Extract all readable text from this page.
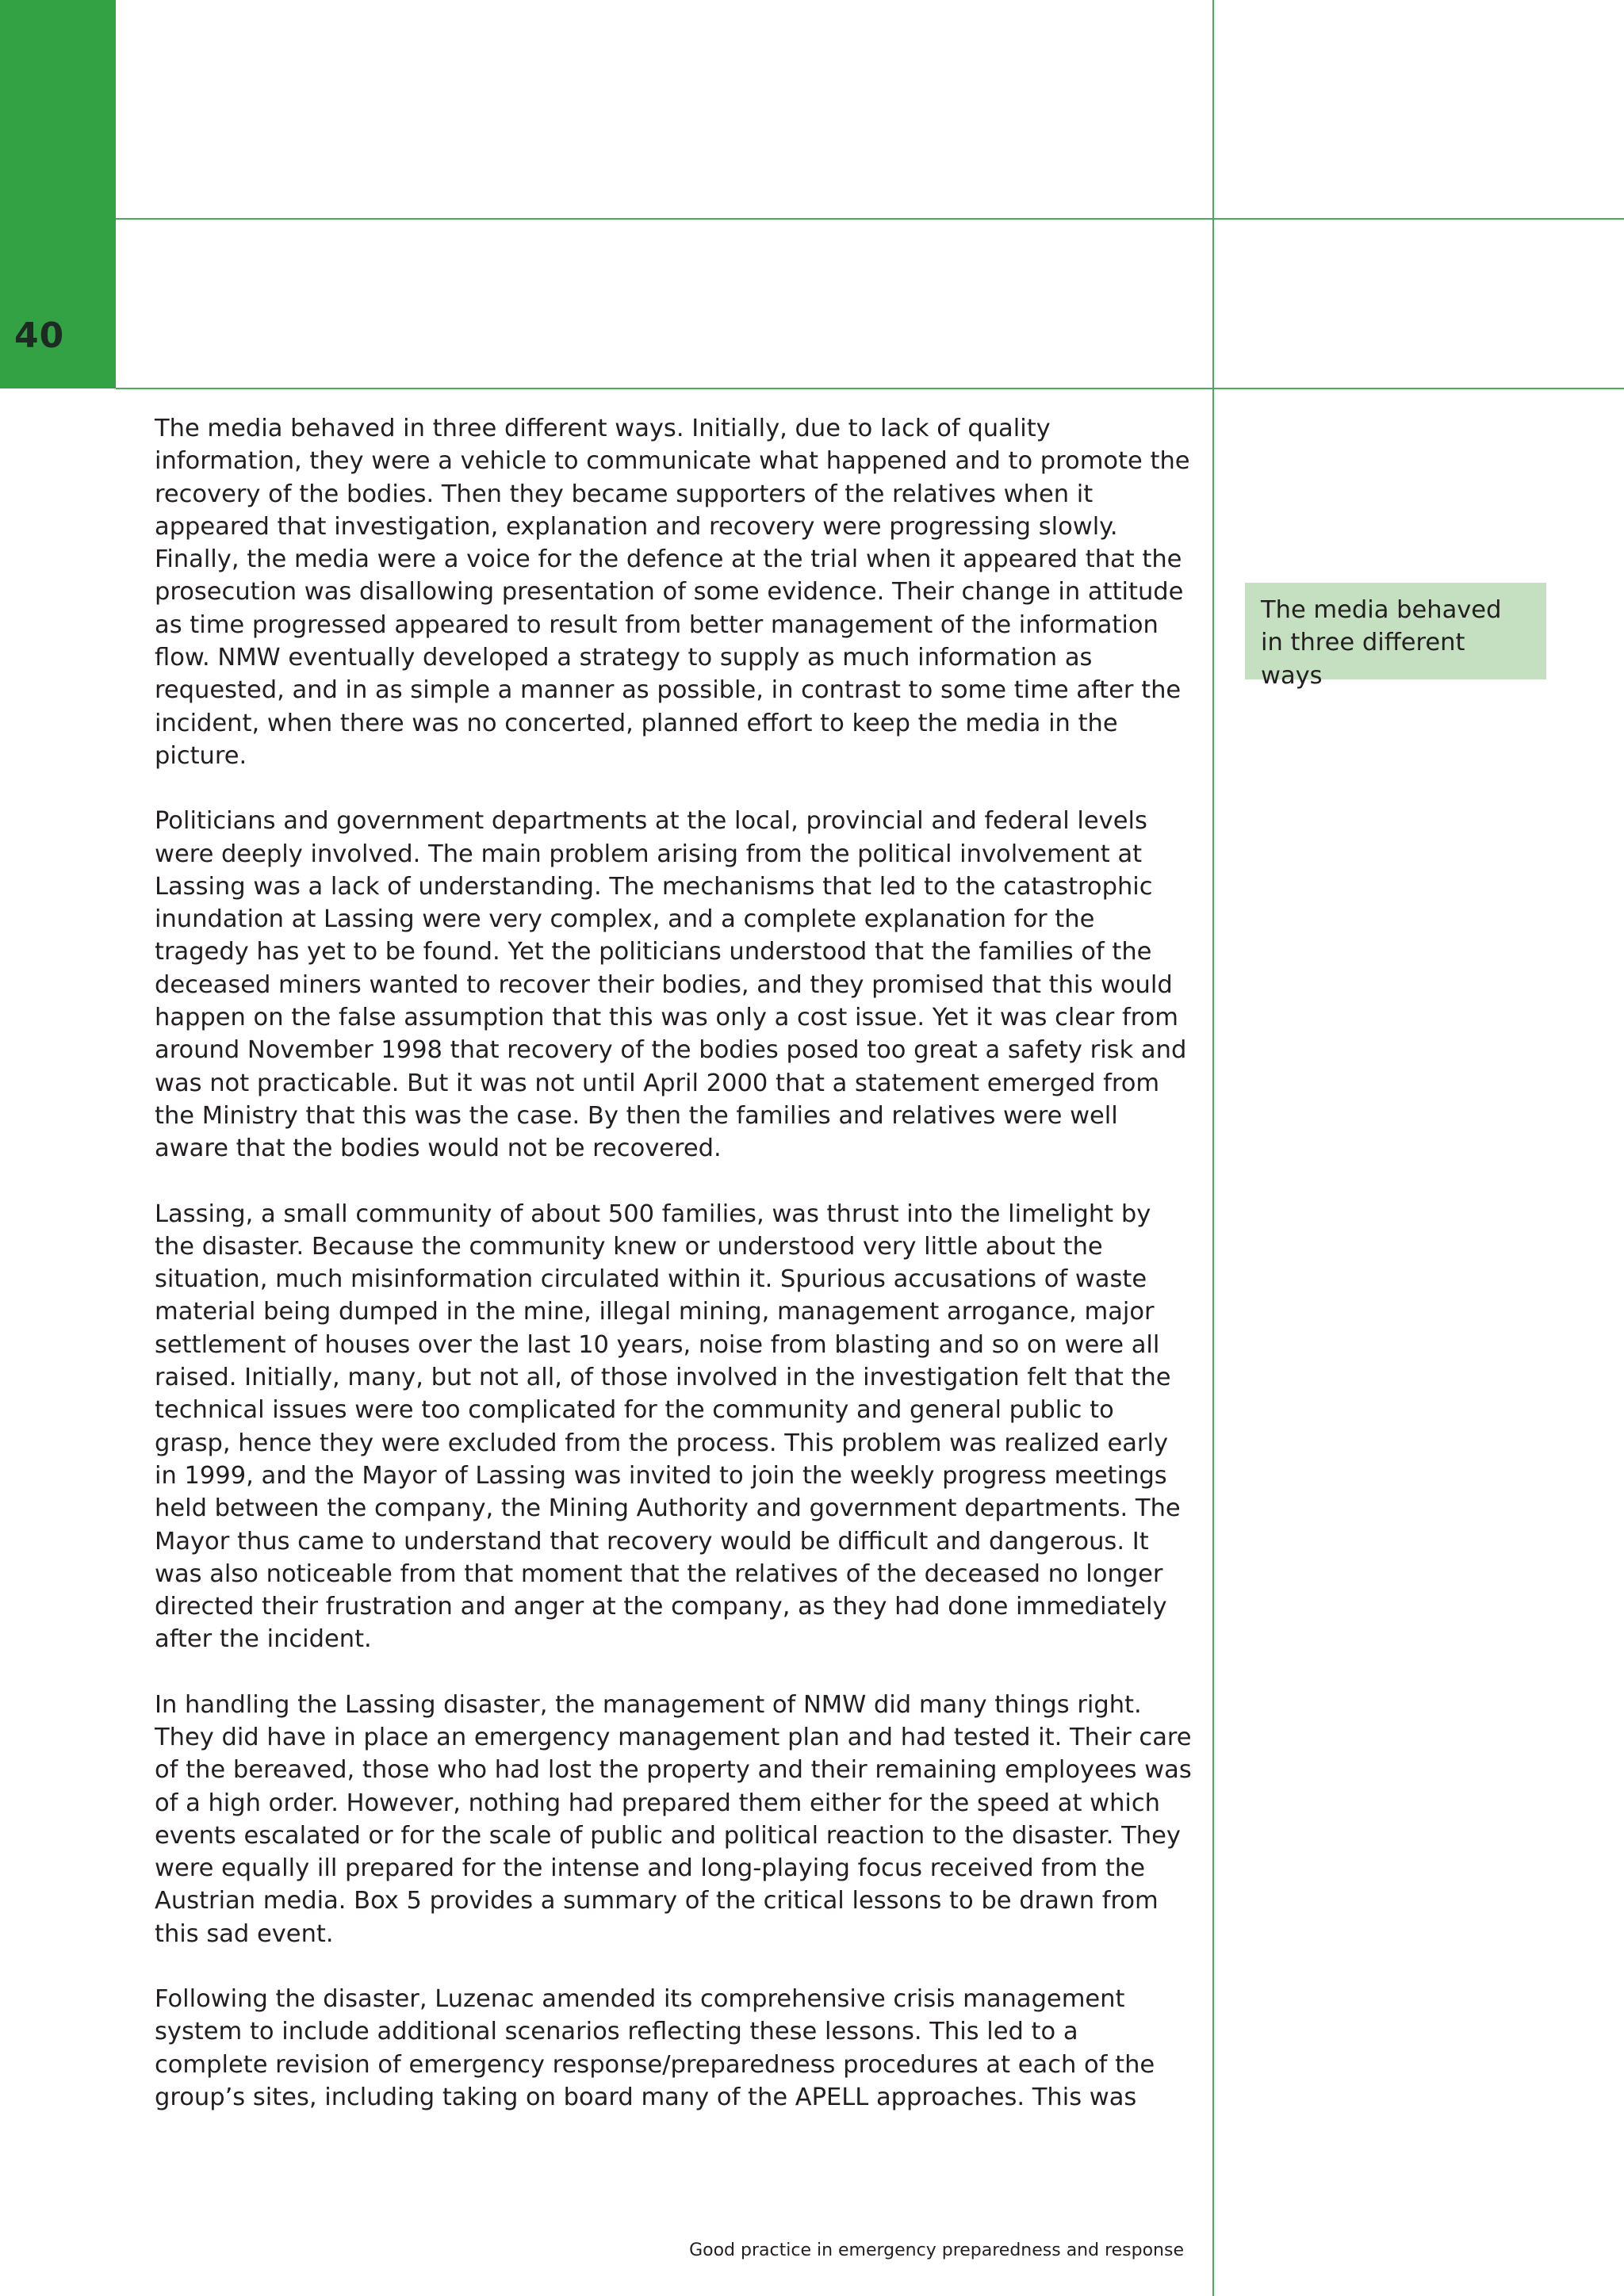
40

The media behaved in three different ways. Initially, due to lack of quality information, they were a vehicle to communicate what happened and to promote the recovery of the bodies. Then they became supporters of the relatives when it appeared that investigation, explanation and recovery were progressing slowly. Finally, the media were a voice for the defence at the trial when it appeared that the prosecution was disallowing presentation of some evidence. Their change in attitude as time progressed appeared to result from better management of the information flow. NMW eventually developed a strategy to supply as much information as requested, and in as simple a manner as possible, in contrast to some time after the incident, when there was no concerted, planned effort to keep the media in the picture.

Politicians and government departments at the local, provincial and federal levels were deeply involved. The main problem arising from the political involvement at Lassing was a lack of understanding. The mechanisms that led to the catastrophic inundation at Lassing were very complex, and a complete explanation for the tragedy has yet to be found. Yet the politicians understood that the families of the deceased miners wanted to recover their bodies, and they promised that this would happen on the false assumption that this was only a cost issue. Yet it was clear from around November 1998 that recovery of the bodies posed too great a safety risk and was not practicable. But it was not until April 2000 that a statement emerged from the Ministry that this was the case. By then the families and relatives were well aware that the bodies would not be recovered.

Lassing, a small community of about 500 families, was thrust into the limelight by the disaster. Because the community knew or understood very little about the situation, much misinformation circulated within it. Spurious accusations of waste material being dumped in the mine, illegal mining, management arrogance, major settlement of houses over the last 10 years, noise from blasting and so on were all raised. Initially, many, but not all, of those involved in the investigation felt that the technical issues were too complicated for the community and general public to grasp, hence they were excluded from the process. This problem was realized early in 1999, and the Mayor of Lassing was invited to join the weekly progress meetings held between the company, the Mining Authority and government departments. The Mayor thus came to understand that recovery would be difficult and dangerous. It was also noticeable from that moment that the relatives of the deceased no longer directed their frustration and anger at the company, as they had done immediately after the incident.

In handling the Lassing disaster, the management of NMW did many things right. They did have in place an emergency management plan and had tested it. Their care of the bereaved, those who had lost the property and their remaining employees was of a high order. However, nothing had prepared them either for the speed at which events escalated or for the scale of public and political reaction to the disaster. They were equally ill prepared for the intense and long-playing focus received from the Austrian media. Box 5 provides a summary of the critical lessons to be drawn from this sad event.

Following the disaster, Luzenac amended its comprehensive crisis management system to include additional scenarios reflecting these lessons. This led to a complete revision of emergency response/preparedness procedures at each of the group’s sites, including taking on board many of the APELL approaches. This was

The media behaved in three different ways
Good practice in emergency preparedness and response
